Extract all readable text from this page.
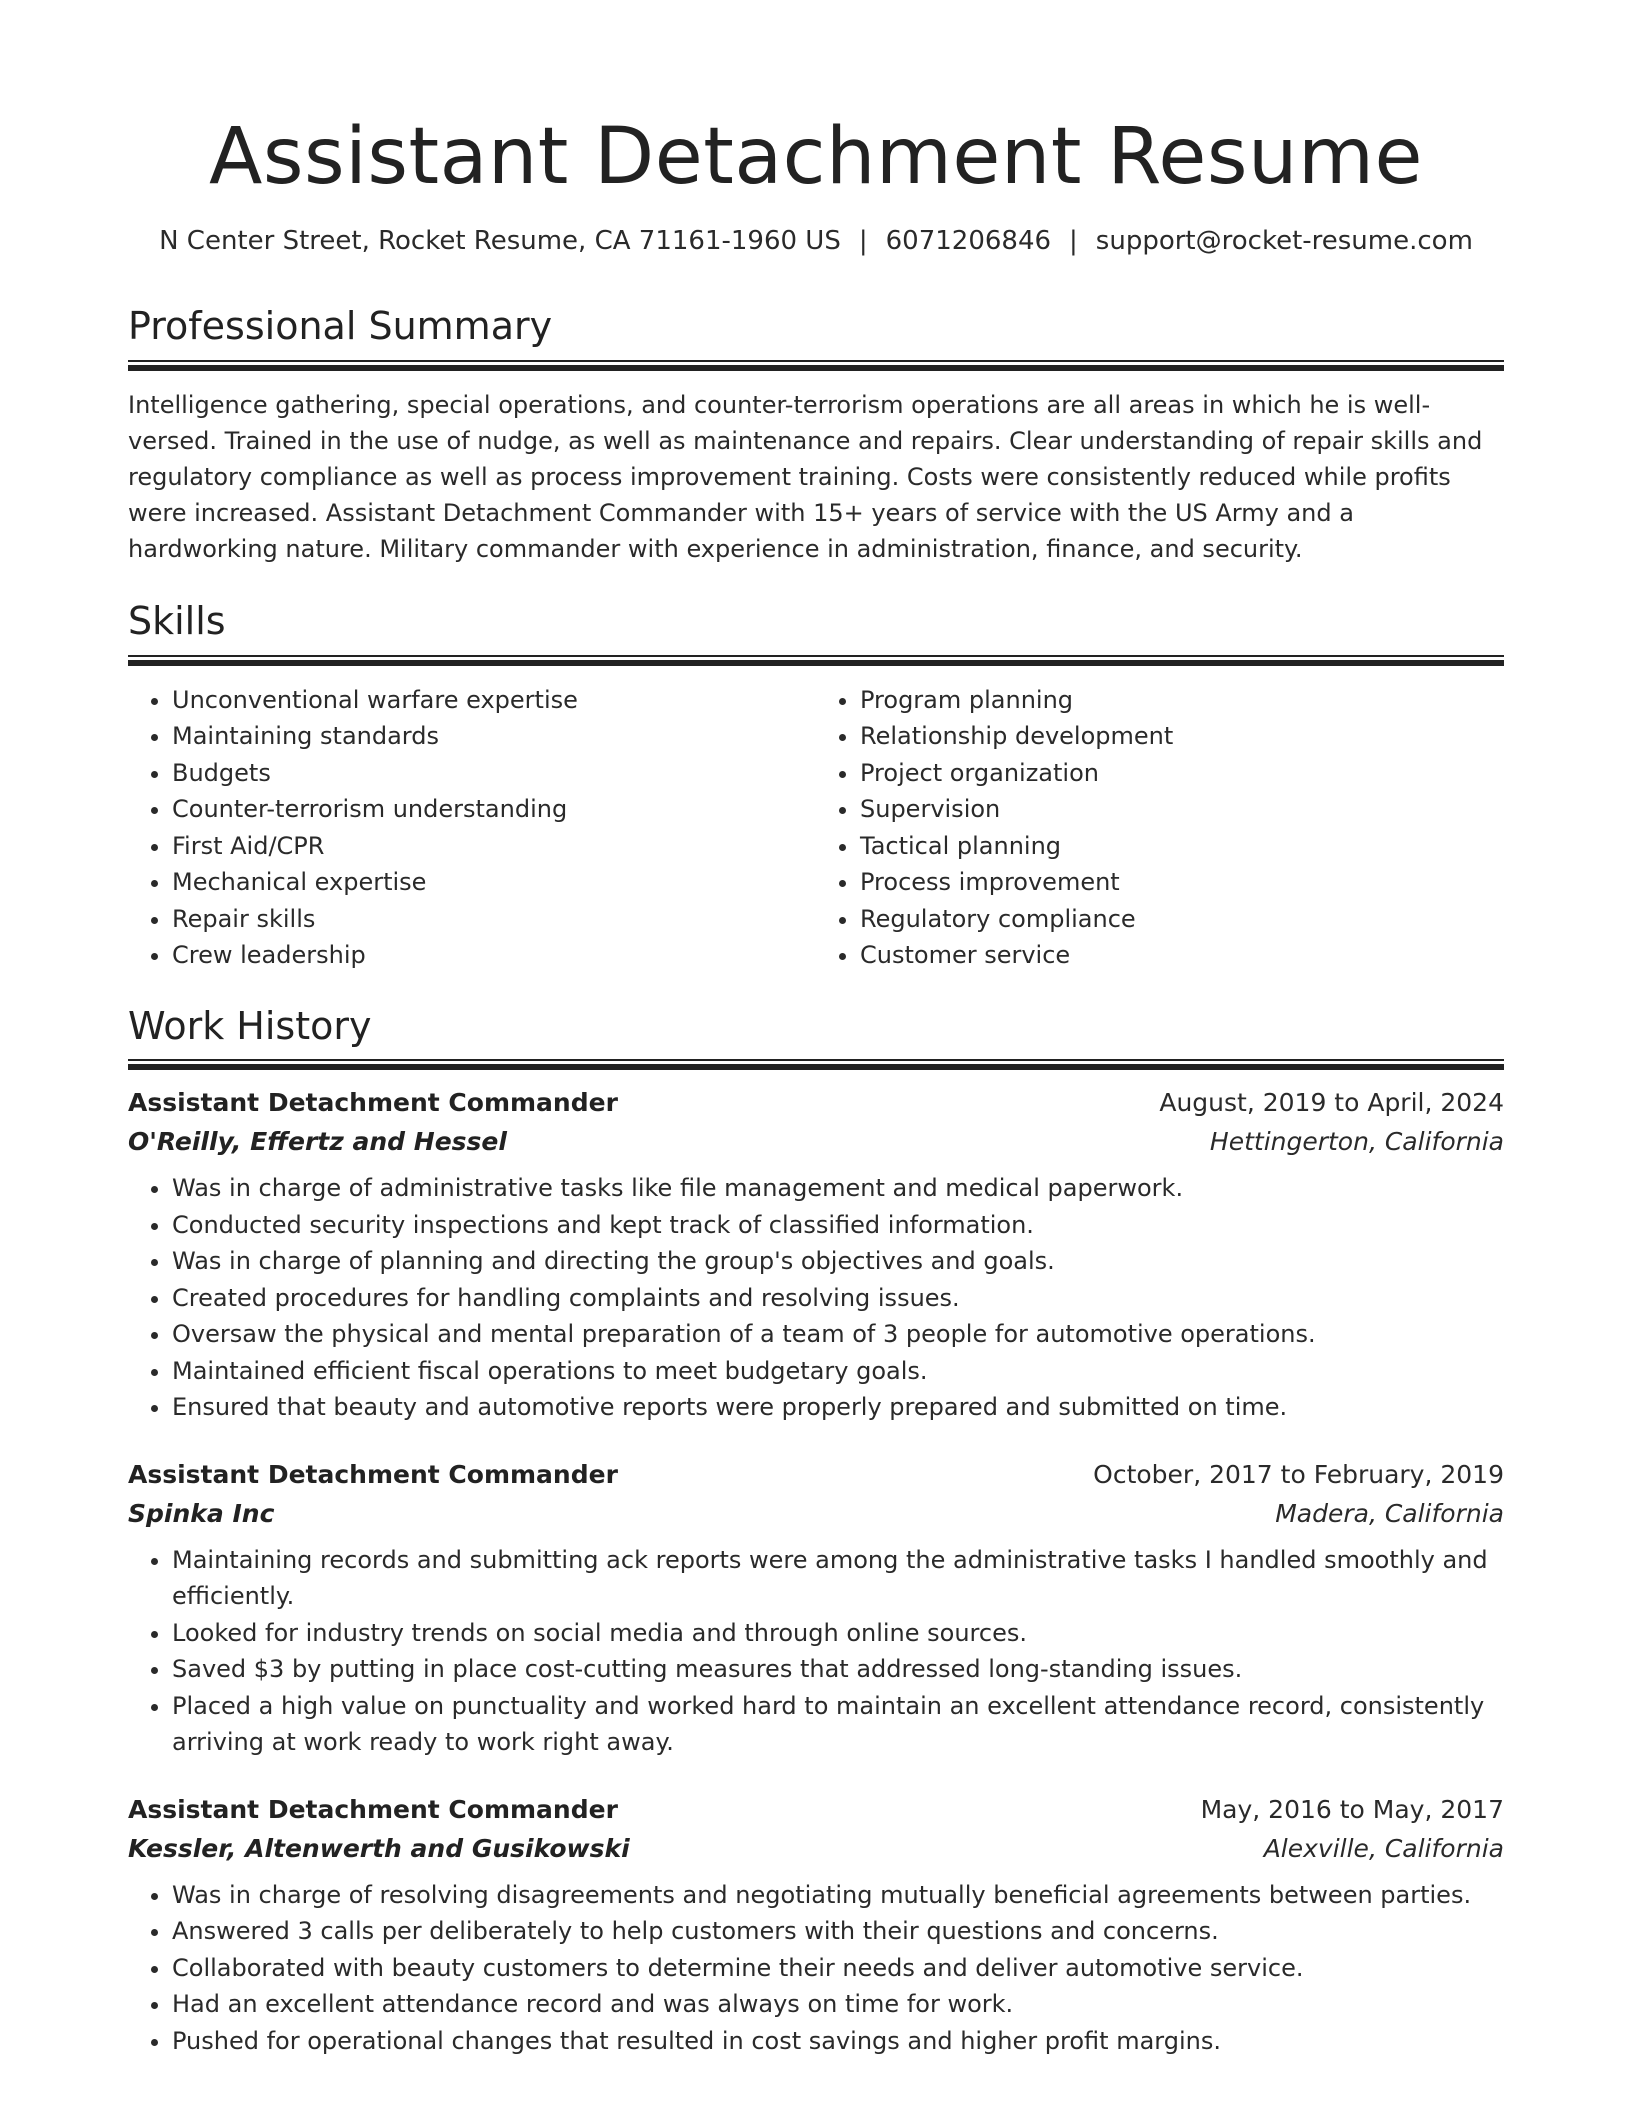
Assistant Detachment Resume
N Center Street, Rocket Resume, CA 71161-1960 US | 6071206846 | support@rocket-resume.com
Professional Summary
Intelligence gathering, special operations, and counter-terrorism operations are all areas in which he is well-versed. Trained in the use of nudge, as well as maintenance and repairs. Clear understanding of repair skills and regulatory compliance as well as process improvement training. Costs were consistently reduced while profits were increased. Assistant Detachment Commander with 15+ years of service with the US Army and a hardworking nature. Military commander with experience in administration, finance, and security.
Skills
• Unconventional warfare expertise
• Maintaining standards
• Budgets
• Counter-terrorism understanding
• First Aid/CPR
• Mechanical expertise
• Repair skills
• Crew leadership
• Program planning
• Relationship development
• Project organization
• Supervision
• Tactical planning
• Process improvement
• Regulatory compliance
• Customer service
Work History
Assistant Detachment Commander	August, 2019 to April, 2024
O'Reilly, Effertz and Hessel	Hettingerton, California
• Was in charge of administrative tasks like file management and medical paperwork.
• Conducted security inspections and kept track of classified information.
• Was in charge of planning and directing the group's objectives and goals.
• Created procedures for handling complaints and resolving issues.
• Oversaw the physical and mental preparation of a team of 3 people for automotive operations.
• Maintained efficient fiscal operations to meet budgetary goals.
• Ensured that beauty and automotive reports were properly prepared and submitted on time.
Assistant Detachment Commander	October, 2017 to February, 2019
Spinka Inc	Madera, California
• Maintaining records and submitting ack reports were among the administrative tasks I handled smoothly and efficiently.
• Looked for industry trends on social media and through online sources.
• Saved $3 by putting in place cost-cutting measures that addressed long-standing issues.
• Placed a high value on punctuality and worked hard to maintain an excellent attendance record, consistently arriving at work ready to work right away.
Assistant Detachment Commander	May, 2016 to May, 2017
Kessler, Altenwerth and Gusikowski	Alexville, California
• Was in charge of resolving disagreements and negotiating mutually beneficial agreements between parties.
• Answered 3 calls per deliberately to help customers with their questions and concerns.
• Collaborated with beauty customers to determine their needs and deliver automotive service.
• Had an excellent attendance record and was always on time for work.
• Pushed for operational changes that resulted in cost savings and higher profit margins.
